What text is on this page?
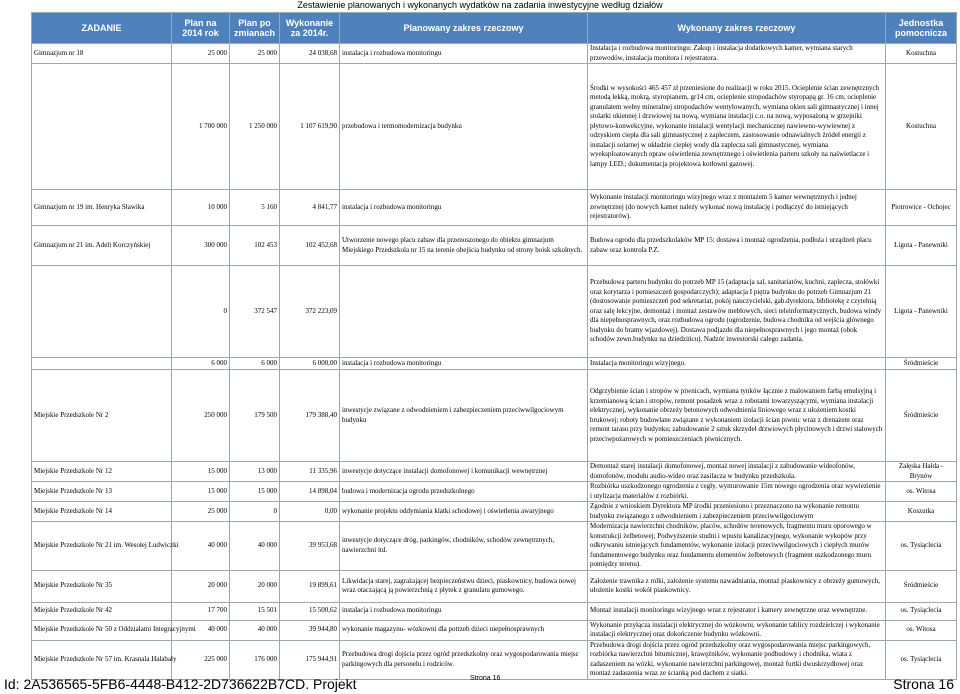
Zestawienie planowanych i wykonanych wydatków na zadania inwestycyjne według działów
ZADANIE	Plan na 2014 rok	Plan po zmianach	Wykonanie za 2014r.	Planowany zakres rzeczowy	Wykonany zakres rzeczowy	Jednostka pomocnicza
Gimnazjum nr 18	25 000	25 000	24 038,68	instalacja i rozbudowa monitoringu	Instalacja i rozbudowa monitoringu: Zakup i instalacja dodatkowych kamer, wymiana starych przewodów, instalacja monitora i rejestratora.	Kostuchna
	1 700 000	1 250 000	1 107 619,90	przebudowa i termomodernizacja budynku	Środki w wysokości 465 457 zł przeniesione do realizacji w roku 2015. Ocieplenie ścian zewnętrznych metodą lekką, mokrą, styropianem, gr14 cm, ocieplenie stropodachów styropapą gr. 16 cm, ocieplenie granulatem wełny mineralnej stropodachów wentylowanych, wymiana okien sali gimnastycznej i innej stolarki okiennej i drzwiowej na nową, wymiana instalacji c.o. na nową, wyposażoną w grzejniki płytowo-konwekcyjne, wykonanie instalacji wentylacji mechanicznej nawiewno-wywiewnej z odzyskiem ciepła dla sali gimnastycznej z zapleczem, zastosowanie odnawialnych źródeł energii z instalacji solarnej w układzie ciepłej wody dla zaplecza sali gimnastycznej, wymiana wyeksploatowanych opraw oświetlenia zewnętrznego i oświetlenia parteru szkoły na naświetlacze i lampy LED.; dokumentacja projektowa kotłowni gazowej.	Kostuchna
Gimnazjum nr 19 im. Henryka Sławika	10 000	5 160	4 841,77	instalacja i rozbudowa monitoringu	Wykonanie instalacji monitoringu wizyjnego wraz z montażem 5 kamer wewnętrznych i jednej zewnętrznej (do nowych kamer należy wykonać nową instalację i podłączyć do istniejących rejestratorów).	Piotrowice - Ochojec
Gimnazjum nr 21 im. Adeli Korczyńskiej	300 000	102 453	102 452,68	Utworzenie nowego placu zabaw dla przenoszonego do obiektu gimnazjum Miejskiego Przedszkola nr 15 na terenie obejścia budynku od strony boisk szkolnych.	Budowa ogrodu dla przedszkolaków MP 15: dostawa i montaż ogrodzenia, podłoża i urządzeń placu zabaw oraz kontrola P.Z.	Ligota - Panewniki
	0	372 547	372 223,09		Przebudowa parteru budynku do potrzeb MP 15 (adaptacja sal, sanitariatów, kuchni, zaplecza, stołówki oraz korytarza i pomieszczeń gospodarczych); adaptacja I piętra budynku do potrzeb Gimnazjum 21 (dostosowanie pomieszczeń pod sekretariat, pokój nauczycielski, gab.dyrektora, bibliotekę z czytelnią oraz salę lekcyjne, demontaż i montaż zestawów meblowych, sieci teleinformatycznych, budowa windy dla niepełnosprawnych, oraz rozbudowa ogrodu (ogrodzenie, budowa chodnika od wejścia głównego budynku do bramy wjazdowej). Dostawa podjazdu dla niepełnosprawnych i jego montaż (obok schodów zewn.budynku na dziedzińcu). Nadzór inwestorski całego zadania.	Ligota - Panewniki
	6 000	6 000	6 000,00	instalacja i rozbudowa monitoringu	Instalacja monitoringu wizyjnego.	Śródmieście
Miejskie Przedszkole Nr 2	250 000	179 500	179 388,40	inwestycje związane z odwodnieniem i zabezpieczeniem przeciwwilgociowym budynku	Odgrzybienie ścian i stropów w piwnicach, wymiana tynków łącznie z malowaniem farbą emulsyjną i krzemianową ścian i stropów, remont posadzek wraz z robotami towarzyszącymi, wymiana instalacji elektrycznej, wykonanie obrzeży betonowych odwodnienia liniowego wraz z ułożeniem kostki brukowej; roboty budowlane związane z wykonaniem izolacji ścian piwnic wraz z drenażem oraz remont tarasu przy budynku; zabudowanie 2 sztuk skrzydeł drzwiowych płycinowych i drzwi stalowych przeciwpożarowych w pomieszczeniach piwnicznych.	Śródmieście
Miejskie Przedszkole Nr 12	15 000	13 000	11 335,96	inwestycje dotyczące instalacji domofonowej i komunikacji wewnętrznej	Demontaż starej instalacji domofonowej, montaż nowej instalacji z zabudowanie wideofonów, domofonów, modułu audio-wideo oraz zasilacza w budynku przedszkola.	Załęska Hałda - Brynów
Miejskie Przedszkole Nr 13	15 000	15 000	14 898,04	budowa i modernizacja ogrodu przedszkolnego	Rozbiórka uszkodzonego ogrodzenia z cegły, wymurowanie 15m nowego ogrodzenia oraz wywiezienie i utylizacja materiałów z rozbiórki.	os. Witosa
Miejskie Przedszkole Nr 14	25 000	0	0,00	wykonanie projektu oddymiania klatki schodowej i oświetlenia awaryjnego	Zgodnie z wnioskiem Dyrektora MP środki przeniesiono i przeznaczono na wykonanie remontu budynku związanego z odwodnieniem i zabezpieczeniem przeciwwilgociowym	Koszutka
Miejskie Przedszkole Nr 21 im. Wesołej Ludwiczki	40 000	40 000	39 953,68	inwestycje dotyczące dróg, parkingów, chodników, schodów zewnętrznych, nawierzchni itd.	Modernizacja nawierzchni chodników, placów, schodów terenowych, fragmentu muru oporowego w konstrukcji żelbetowej; Podwyższenie studni i wpustu kanalizacyjnego, wykonanie wykopów przy odkrywaniu istniejących fundamentów, wykonanie izolacji przeciwwilgociowych i ciepłych murów fundamentowego budynku oraz fundamentu elementów żelbetowych (fragment uszkodzonego muru pomiędzy terenu).	os. Tysiąclecia
Miejskie Przedszkole Nr 35	20 000	20 000	19 899,61	Likwidacja starej, zagrażającej bezpieczeństwu dzieci, piaskownicy, budowa nowej wraz otaczającą ją powierzchnią z płytek z granulatu gumowego.	Założenie trawnika z rolki, założenie systemu nawadniania, montaż piaskownicy z obrzeży gumowych, ułożenie kostki wokół piaskownicy.	Śródmieście
Miejskie Przedszkole Nr 42	17 700	15 501	15 500,62	instalacja i rozbudowa monitoringu	Montaż instalacji monitoringu wizyjnego wraz z rejestrator i kamery zewnętrzne oraz wewnętrzne.	os. Tysiąclecia
Miejskie Przedszkole Nr 50 z Oddziałami Integracyjnymi	40 000	40 000	39 944,80	wykonanie magazynu- wózkowni dla potrzeb dzieci niepełnosprawnych	Wykonanie przyłącza instalacji elektrycznej do wózkowni, wykonanie tablicy rozdzielczej i wykonanie instalacji elektrycznej oraz dokończenie budynku wózkowni.	os. Witosa
Miejskie Przedszkole Nr 57 im. Krasnala Hałabały	225 000	176 000	175 944,91	Przebudowa drogi dojścia przez ogród przedszkolny oraz wygospodarowania miejsc parkingowych dla personelu i rodziców.	Przebudowa drogi dojścia przez ogród przedszkolny oraz wygospodarowania miejsc parkingowych, rozbiórka nawierzchni bitumicznej, krawężników, wykonanie podbudowy i chodnika, wiata z zadaszeniem na wózki, wykonanie nawierzchni parkingowej, montaż furtki dwuskrzydłowej oraz montaż zadaszenia wraz ze ścianką pod dachem z siatki.	os. Tysiąclecia
Id: 2A536565-5FB6-4448-B412-2D736622B7CD. Projekt	Strona 16	Strona 16
